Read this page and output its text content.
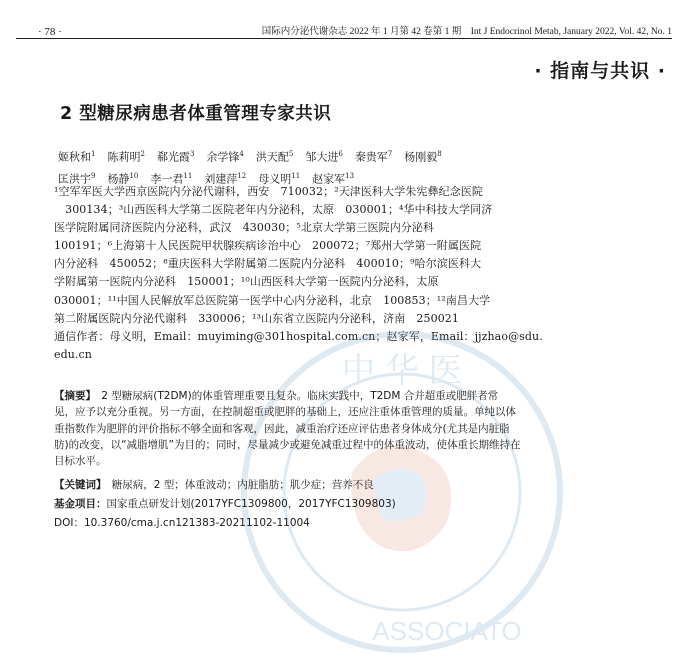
· 78 ·	国际内分泌代谢杂志 2022 年 1 月第 42 卷第 1 期　Int J Endocrinol Metab, January 2022, Vol. 42, No. 1
· 指南与共识 ·
2 型糖尿病患者体重管理专家共识
姬秋和$^1$ 陈莉明$^2$ 郗光霞$^3$ 余学锋$^4$ 洪天配$^5$ 邹大进$^6$ 秦贵军$^7$ 杨刚毅$^8$
匡洪宇$^9$ 杨静$^{10}$ 李一君$^{11}$ 刘建萍$^{12}$ 母义明$^{11}$ 赵家军$^{13}$
¹空军军医大学西京医院内分泌代谢科，西安　710032；²天津医科大学朱宪彝纪念医院
　300134；³山西医科大学第二医院老年内分泌科，太原　030001；⁴华中科技大学同济
医学院附属同济医院内分泌科，武汉　430030；⁵北京大学第三医院内分泌科
100191；⁶上海第十人民医院甲状腺疾病诊治中心　200072；⁷郑州大学第一附属医院
内分泌科　450052；⁸重庆医科大学附属第二医院内分泌科　400010；⁹哈尔滨医科大
学附属第一医院内分泌科　150001；¹⁰山西医科大学第一医院内分泌科，太原
030001；¹¹中国人民解放军总医院第一医学中心内分泌科，北京　100853；¹²南昌大学
第二附属医院内分泌代谢科　330006；¹³山东省立医院内分泌科，济南　250021
通信作者：母义明，Email：muyiming@301hospital.com.cn；赵家军，Email：jjzhao@sdu.
edu.cn	中 华 医
ASSOCIATO
【摘要】　 2 型糖尿病(T2DM)的体重管理重要且复杂。临床实践中，T2DM 合并超重或肥胖者常
见，应予以充分重视。另一方面，在控制超重或肥胖的基础上，还应注重体重管理的质量。单纯以体
重指数作为肥胖的评价指标不够全面和客观，因此，减重治疗还应评估患者身体成分(尤其是内脏脂
肪)的改变，以“减脂增肌”为目的；同时，尽量减少或避免减重过程中的体重波动，使体重长期维持在
目标水平。
【关键词】　 糖尿病，2 型；体重波动；内脏脂肪；肌少症；营养不良
基金项目：国家重点研发计划(2017YFC1309800，2017YFC1309803)
DOI：10.3760/cma.j.cn121383-20211102-11004
